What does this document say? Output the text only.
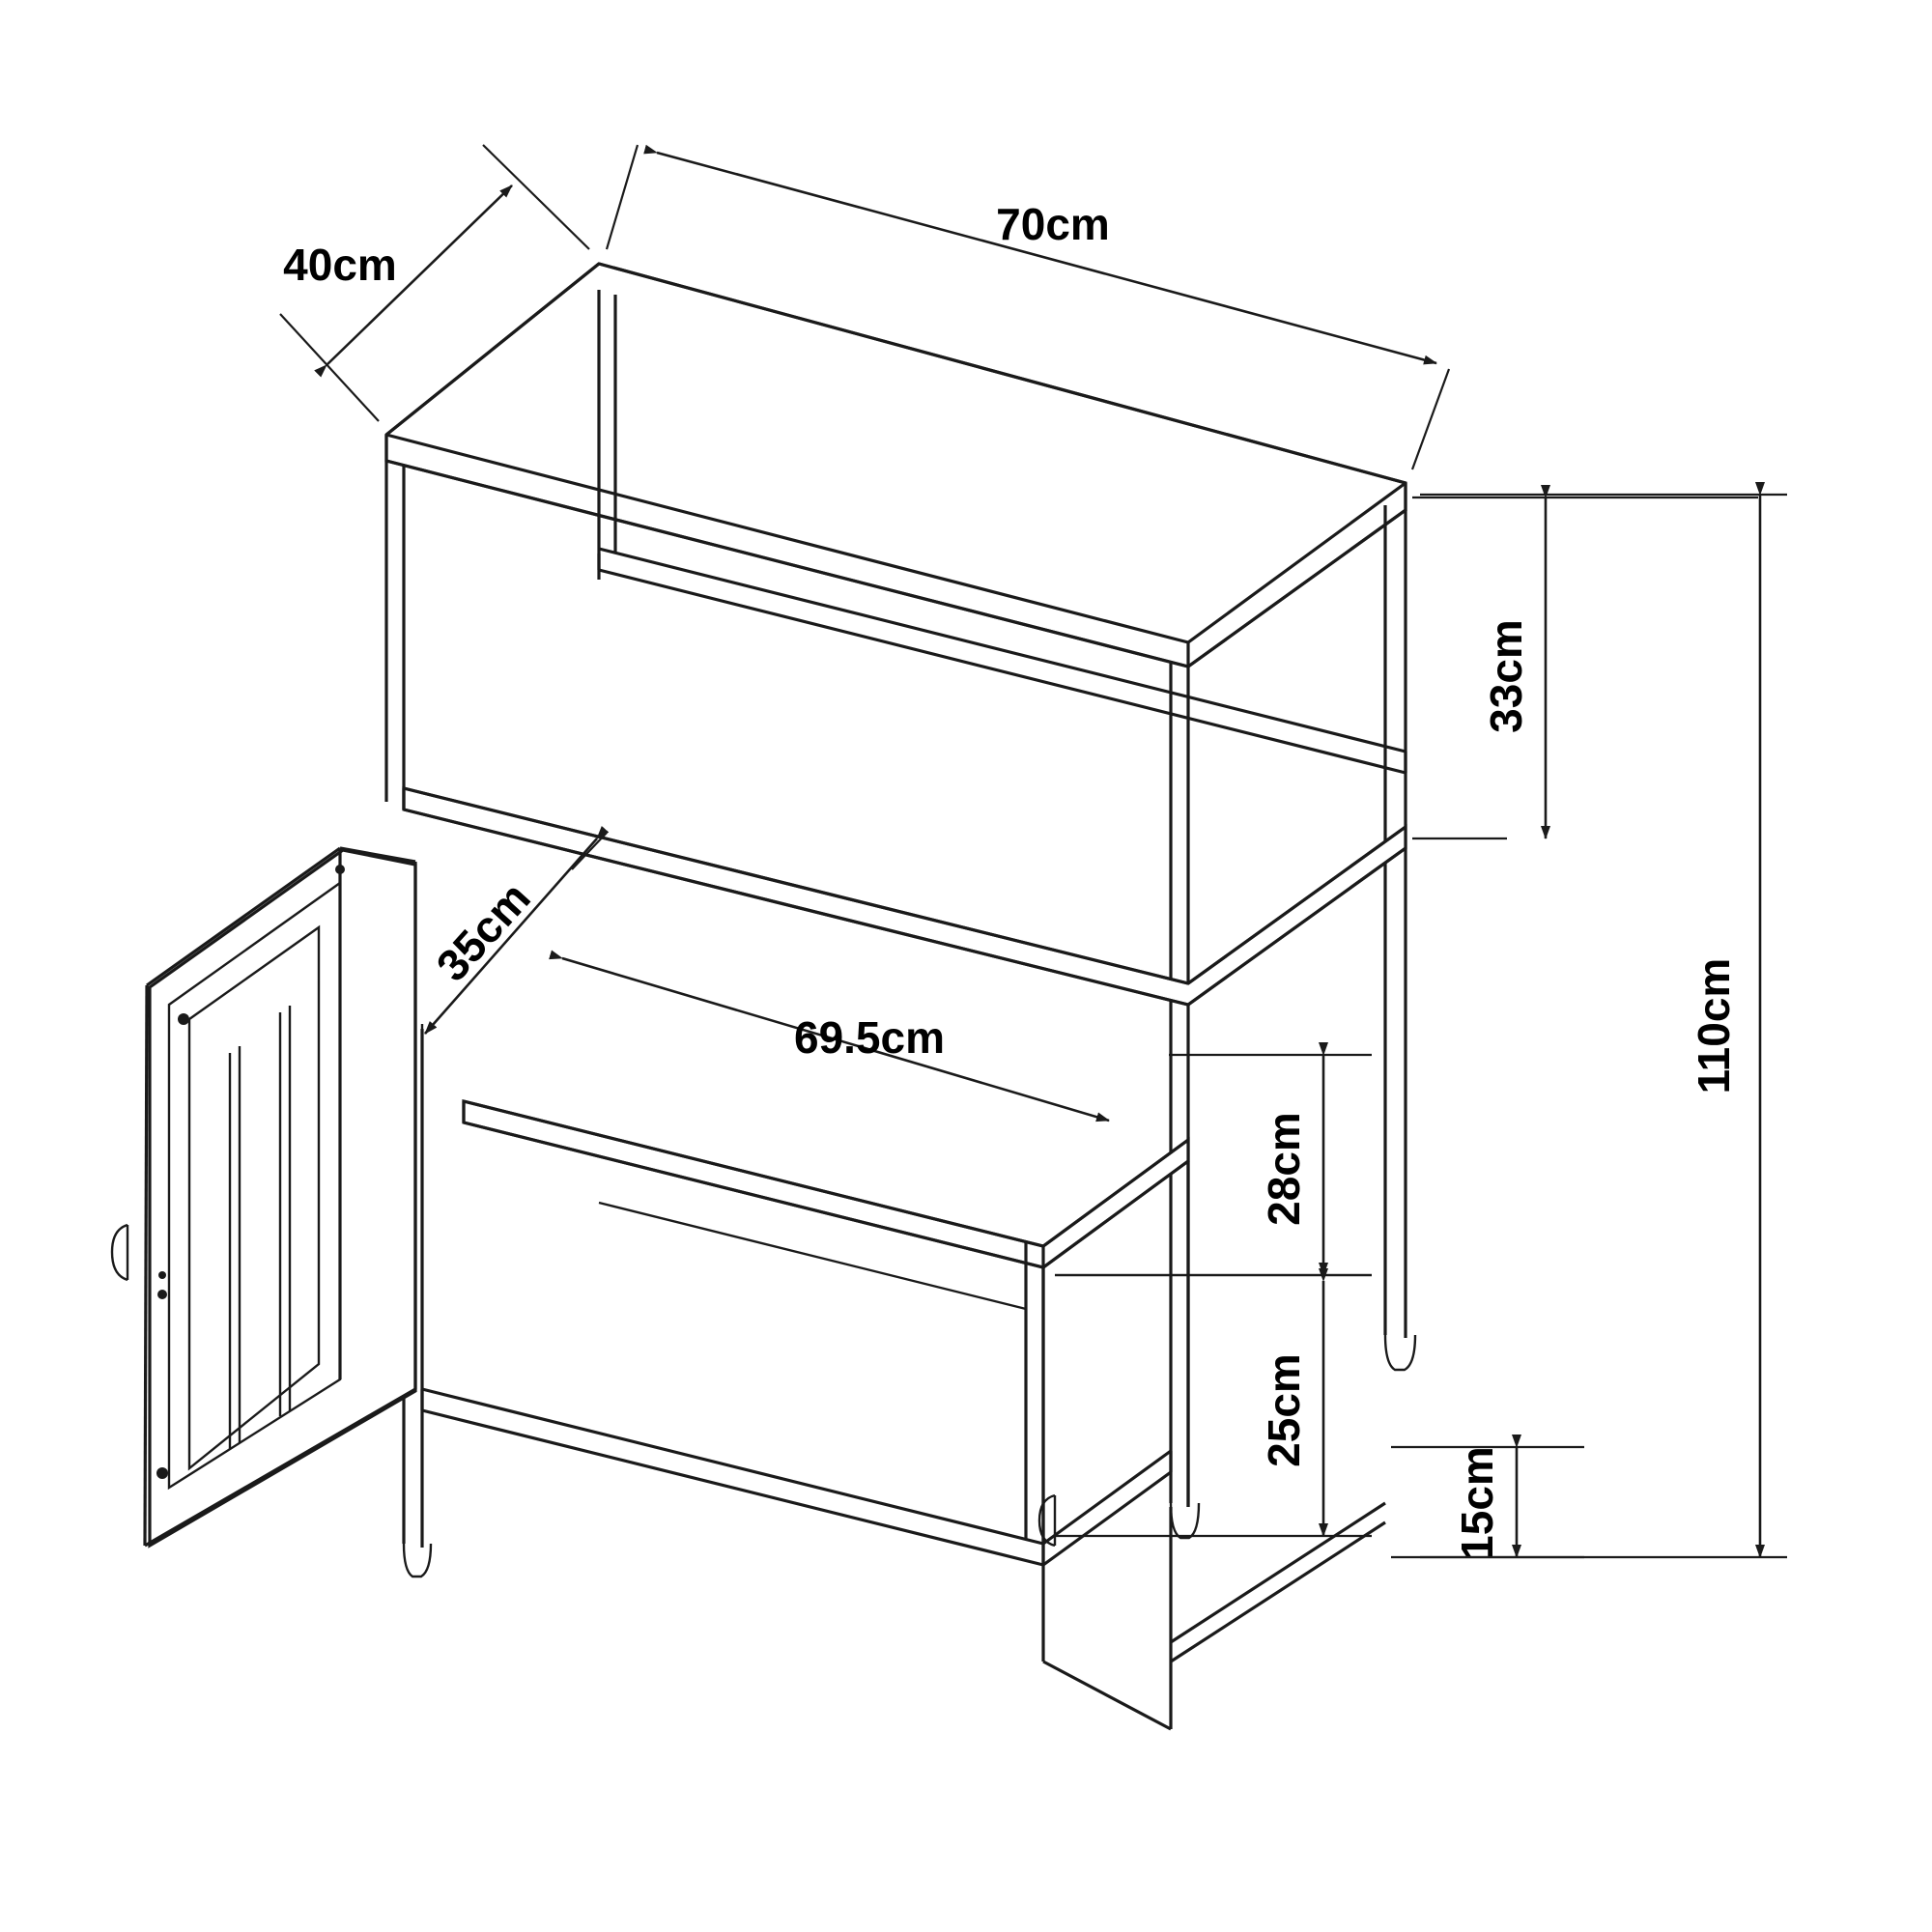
40cm
70cm
33cm
35cm
69.5cm
28cm
25cm
15cm
110cm
